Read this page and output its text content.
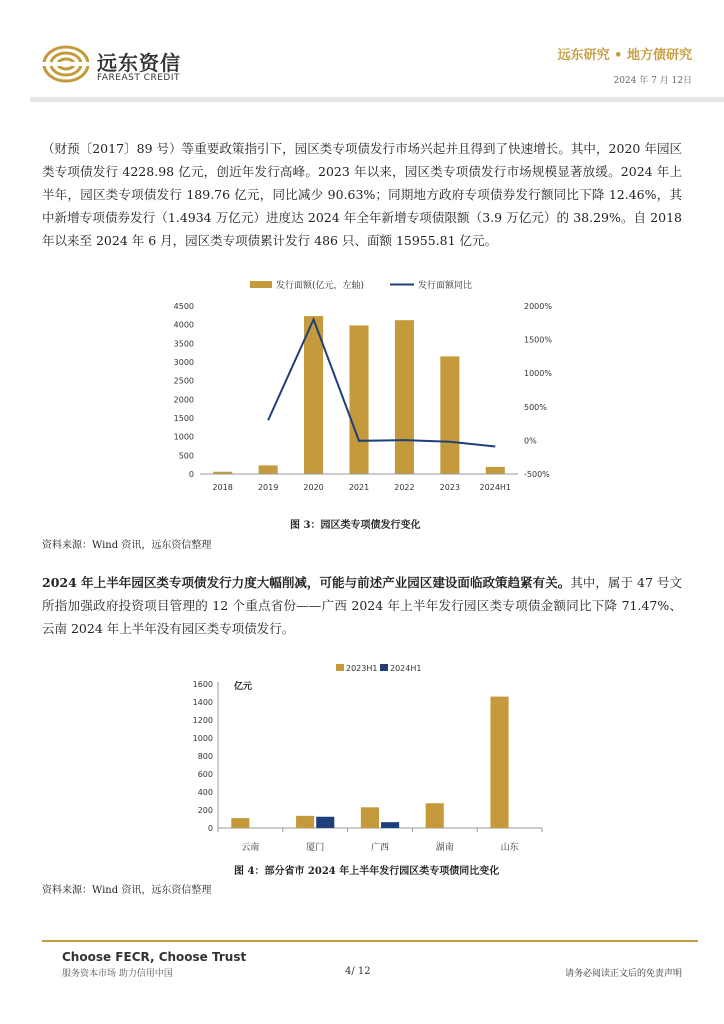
远东资信
FAREAST CREDIT
远东研究 • 地方债研究
2024 年 7 月 12日

（财预〔2017〕89 号）等重要政策指引下，园区类专项债发行市场兴起并且得到了快速增长。其中，2020 年园区类专项债发行 4228.98 亿元，创近年发行高峰。2023 年以来，园区类专项债发行市场规模显著放缓。2024 年上半年，园区类专项债发行 189.76 亿元，同比减少 90.63%；同期地方政府专项债券发行额同比下降 12.46%，其中新增专项债券发行（1.4934 万亿元）进度达 2024 年全年新增专项债限额（3.9 万亿元）的 38.29%。自 2018 年以来至 2024 年 6 月，园区类专项债累计发行 486 只、面额 15955.81 亿元。

发行面额(亿元，左轴)	发行面额同比
0
500
1000
1500
2000
2500
3000
3500
4000
4500
-500%
0%
500%
1000%
1500%
2000%
2018	2019	2020	2021	2022	2023 2024H1
图 3：园区类专项债发行变化
资料来源：Wind 资讯，远东资信整理

2024 年上半年园区类专项债发行力度大幅削减，可能与前述产业园区建设面临政策趋紧有关。其中，属于 47 号文所指加强政府投资项目管理的 12 个重点省份——广西 2024 年上半年发行园区类专项债金额同比下降 71.47%、云南 2024 年上半年没有园区类专项债发行。

2023H1 2024H1
亿元
0
200
400
600
800
1000
1200
1400
1600
云南	厦门	广西	湖南	山东
图 4：部分省市 2024 年上半年发行园区类专项债同比变化
资料来源：Wind 资讯，远东资信整理
Choose FECR, Choose Trust
服务资本市场 助力信用中国	4/ 12	请务必阅读正文后的免责声明
